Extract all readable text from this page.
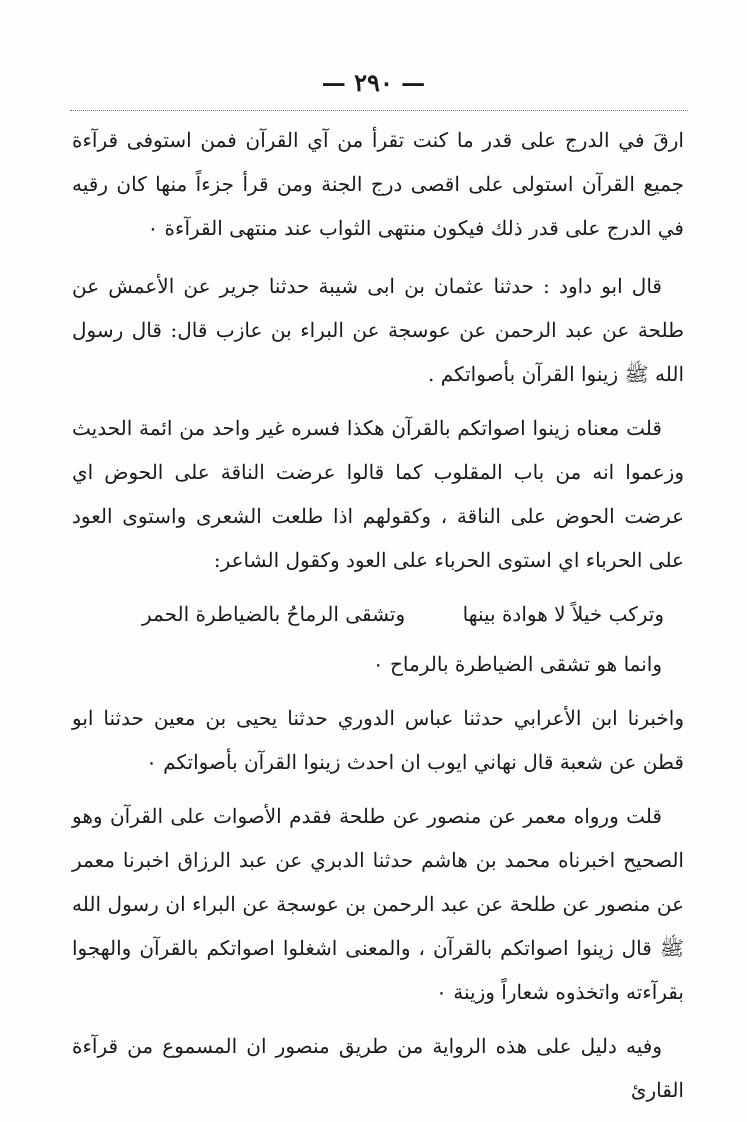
— ٢٩٠ —

ارقَ في الدرج على قدر ما كنت تقرأ من آي القرآن فمن استوفى قرآءة جميع القرآن استولى على اقصى درج الجنة ومن قرأ جزءاً منها كان رقيه في الدرج على قدر ذلك فيكون منتهى الثواب عند منتهى القرآءة ٠

قال ابو داود : حدثنا عثمان بن ابى شيبة حدثنا جرير عن الأعمش عن طلحة عن عبد الرحمن عن عوسجة عن البراء بن عازب قال: قال رسول الله ﷺ زينوا القرآن بأصواتكم .

قلت معناه زينوا اصواتكم بالقرآن هكذا فسره غير واحد من ائمة الحديث وزعموا انه من باب المقلوب كما قالوا عرضت الناقة على الحوض اي عرضت الحوض على الناقة ، وكقولهم اذا طلعت الشعرى واستوى العود على الحرباء اي استوى الحرباء على العود وكقول الشاعر:

وتركب خيلاً لا هوادة بينها
وتشقى الرماحُ بالضياطرة الحمر

وانما هو تشقى الضياطرة بالرماح ٠

واخبرنا ابن الأعرابي حدثنا عباس الدوري حدثنا يحيى بن معين حدثنا ابو قطن عن شعبة قال نهاني ايوب ان احدث زينوا القرآن بأصواتكم ٠

قلت ورواه معمر عن منصور عن طلحة فقدم الأصوات على القرآن وهو الصحيح اخبرناه محمد بن هاشم حدثنا الدبري عن عبد الرزاق اخبرنا معمر عن منصور عن طلحة عن عبد الرحمن بن عوسجة عن البراء ان رسول الله ﷺ قال زينوا اصواتكم بالقرآن ، والمعنى اشغلوا اصواتكم بالقرآن والهجوا بقرآءته واتخذوه شعاراً وزينة ٠

وفيه دليل على هذه الرواية من طريق منصور ان المسموع من قرآءة القارئ
